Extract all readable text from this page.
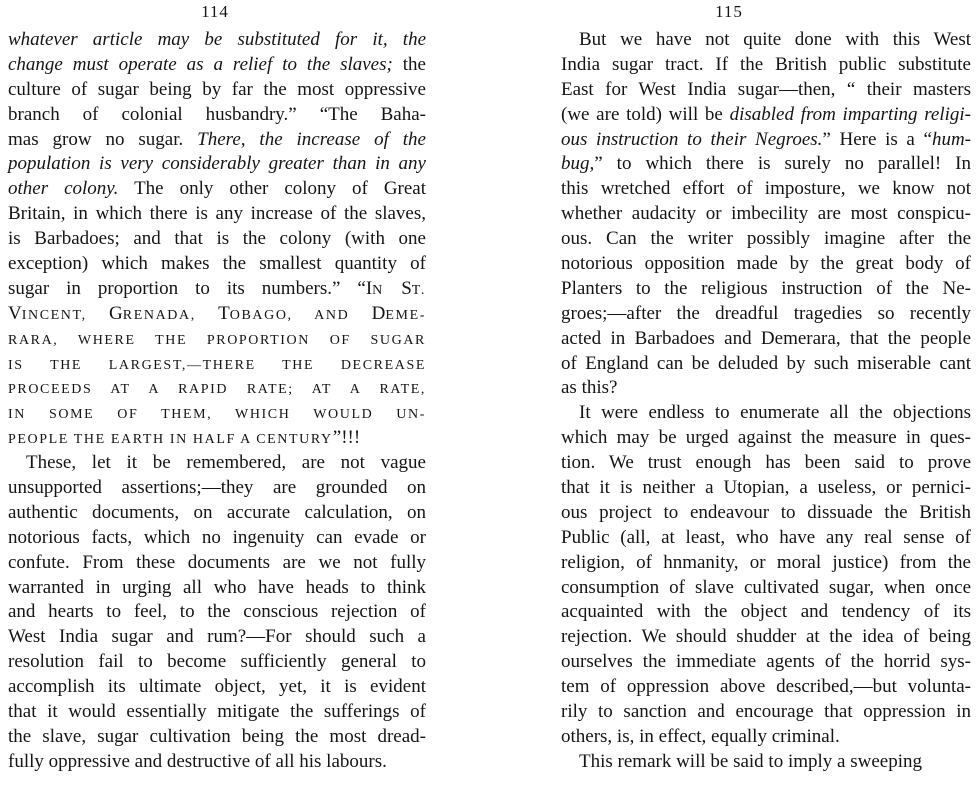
114
whatever article may be substituted for it, the
change must operate as a relief to the slaves; the
culture of sugar being by far the most oppressive
branch of colonial husbandry.” “The Baha-
mas grow no sugar. There, the increase of the
population is very considerably greater than in any
other colony. The only other colony of Great
Britain, in which there is any increase of the slaves,
is Barbadoes; and that is the colony (with one
exception) which makes the smallest quantity of
sugar in proportion to its numbers.” “IN ST.
VINCENT, GRENADA, TOBAGO, AND DEME-
RARA, WHERE THE PROPORTION OF SUGAR
IS THE LARGEST,—THERE THE DECREASE
PROCEEDS AT A RAPID RATE; AT A RATE,
IN SOME OF THEM, WHICH WOULD UN-
PEOPLE THE EARTH IN HALF A CENTURY”!!!
These, let it be remembered, are not vague
unsupported assertions;—they are grounded on
authentic documents, on accurate calculation, on
notorious facts, which no ingenuity can evade or
confute. From these documents are we not fully
warranted in urging all who have heads to think
and hearts to feel, to the conscious rejection of
West India sugar and rum?—For should such a
resolution fail to become sufficiently general to
accomplish its ultimate object, yet, it is evident
that it would essentially mitigate the sufferings of
the slave, sugar cultivation being the most dread-
fully oppressive and destructive of all his labours.
115
But we have not quite done with this West
India sugar tract. If the British public substitute
East for West India sugar—then, “ their masters
(we are told) will be disabled from imparting religi-
ous instruction to their Negroes.” Here is a “hum-
bug,” to which there is surely no parallel! In
this wretched effort of imposture, we know not
whether audacity or imbecility are most conspicu-
ous. Can the writer possibly imagine after the
notorious opposition made by the great body of
Planters to the religious instruction of the Ne-
groes;—after the dreadful tragedies so recently
acted in Barbadoes and Demerara, that the people
of England can be deluded by such miserable cant
as this?
It were endless to enumerate all the objections
which may be urged against the measure in ques-
tion. We trust enough has been said to prove
that it is neither a Utopian, a useless, or pernici-
ous project to endeavour to dissuade the British
Public (all, at least, who have any real sense of
religion, of hnmanity, or moral justice) from the
consumption of slave cultivated sugar, when once
acquainted with the object and tendency of its
rejection. We should shudder at the idea of being
ourselves the immediate agents of the horrid sys-
tem of oppression above described,—but volunta-
rily to sanction and encourage that oppression in
others, is, in effect, equally criminal.
This remark will be said to imply a sweeping
